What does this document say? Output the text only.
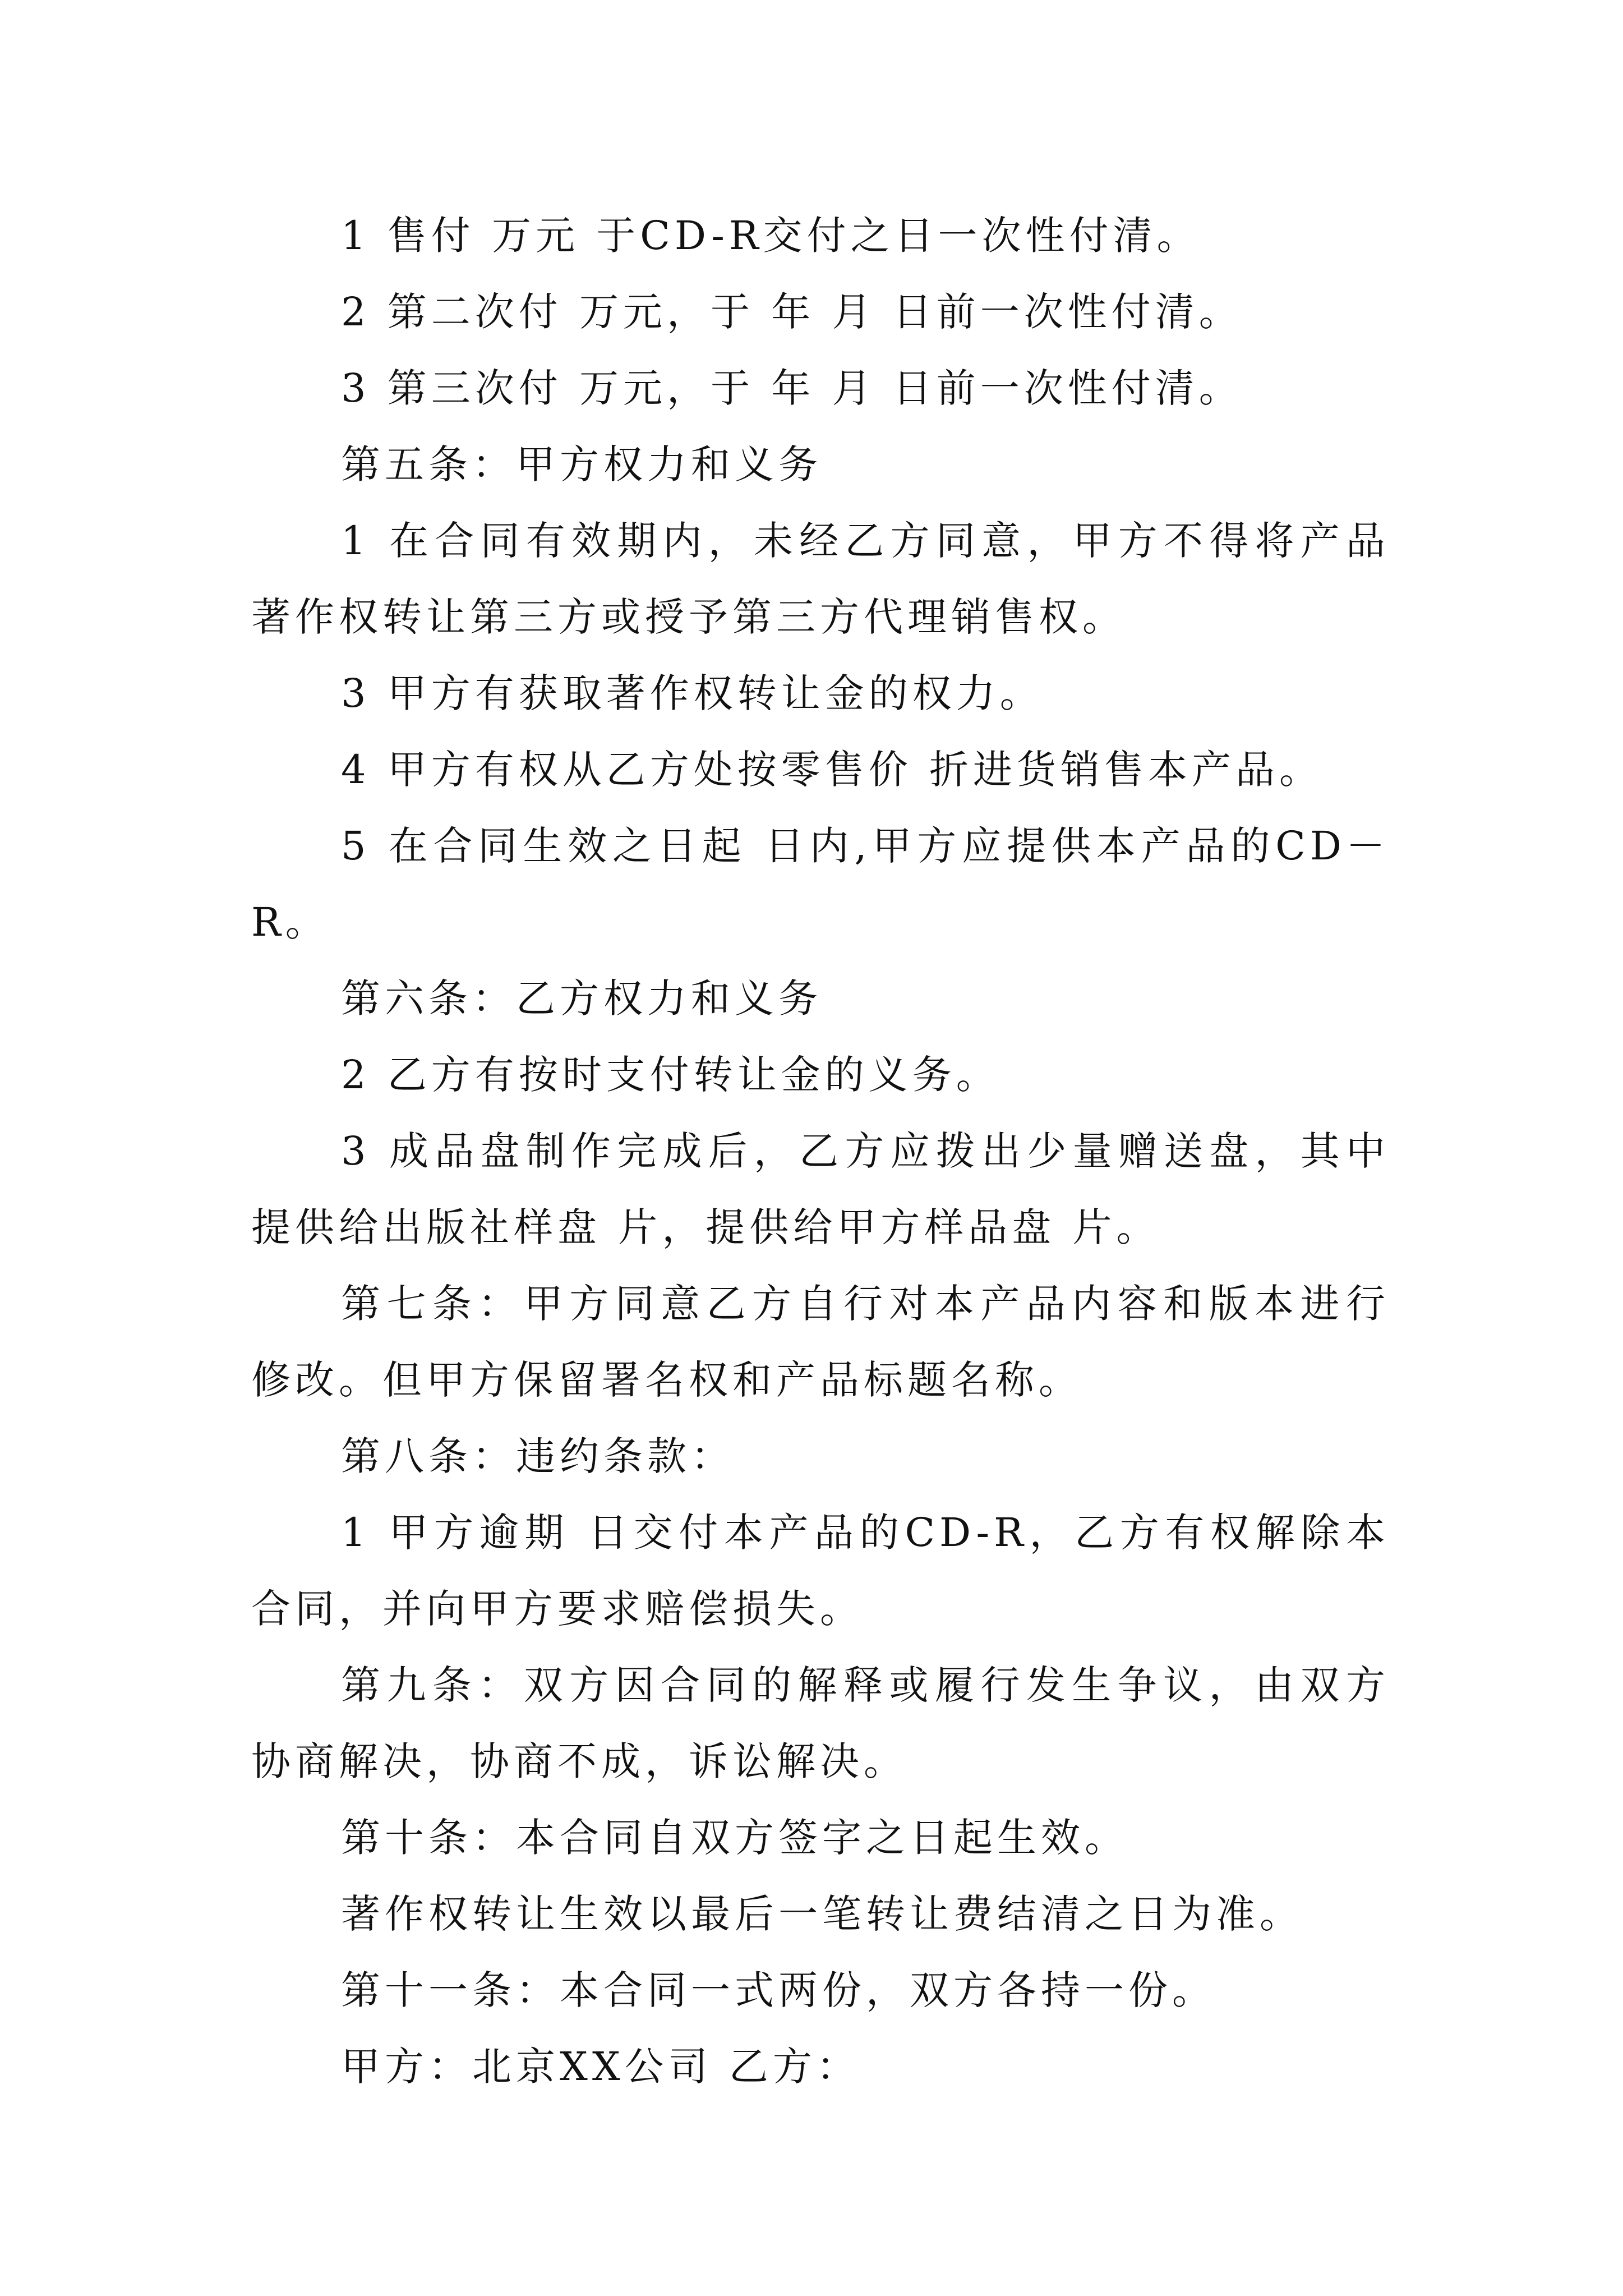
1 售付 万元 于CD-R交付之日一次性付清。

2 第二次付 万元，于 年 月 日前一次性付清。

3 第三次付 万元，于 年 月 日前一次性付清。

第五条：甲方权力和义务

1 在合同有效期内，未经乙方同意，甲方不得将产品著作权转让第三方或授予第三方代理销售权。

3 甲方有获取著作权转让金的权力。

4 甲方有权从乙方处按零售价 折进货销售本产品。

5 在合同生效之日起 日内,甲方应提供本产品的CD－R。

第六条：乙方权力和义务

2 乙方有按时支付转让金的义务。

3 成品盘制作完成后，乙方应拨出少量赠送盘，其中提供给出版社样盘 片，提供给甲方样品盘 片。

第七条：甲方同意乙方自行对本产品内容和版本进行修改。但甲方保留署名权和产品标题名称。

第八条：违约条款：

1 甲方逾期 日交付本产品的CD-R，乙方有权解除本合同，并向甲方要求赔偿损失。

第九条：双方因合同的解释或履行发生争议，由双方协商解决，协商不成，诉讼解决。

第十条：本合同自双方签字之日起生效。

著作权转让生效以最后一笔转让费结清之日为准。

第十一条：本合同一式两份，双方各持一份。

甲方：北京XX公司 乙方：
